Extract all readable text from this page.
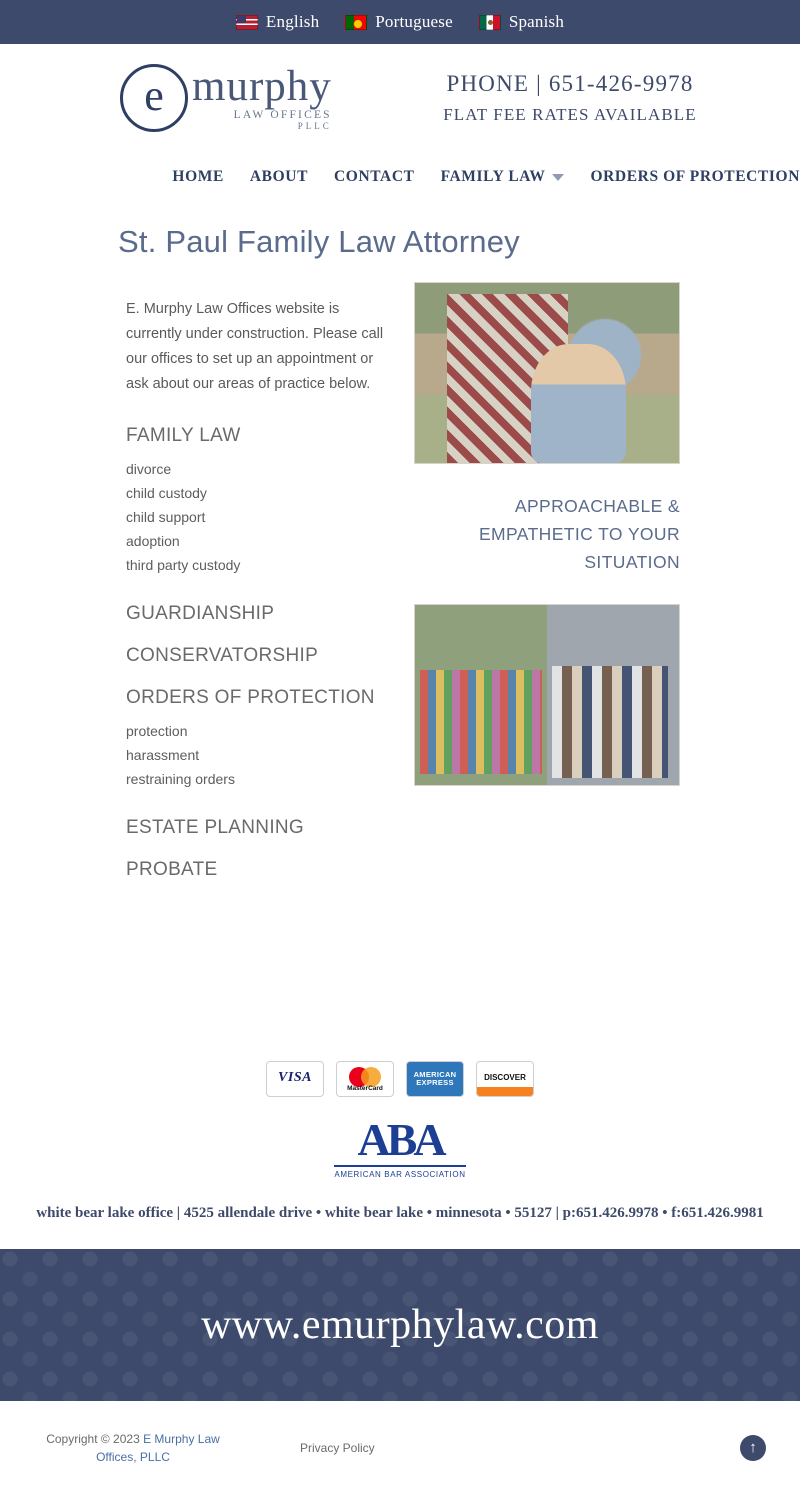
English	Portuguese	Spanish
e murphy
LAW OFFICES
PLLC
PHONE | 651-426-9978
FLAT FEE RATES AVAILABLE
HOME ABOUT CONTACT FAMILY LAW	ORDERS OF PROTECTION
St. Paul Family Law Attorney

E. Murphy Law Offices website is currently under construction. Please call our offices to set up an appointment or ask about our areas of practice below.

FAMILY LAW
divorce
child custody
child support
adoption
third party custody
GUARDIANSHIP
CONSERVATORSHIP
ORDERS OF PROTECTION
protection
harassment
restraining orders
ESTATE PLANNING
PROBATE
APPROACHABLE & EMPATHETIC TO YOUR SITUATION
VISA
MasterCard
AMERICAN EXPRESS	DISCOVER
ABA
AMERICAN BAR ASSOCIATION
white bear lake office | 4525 allendale drive • white bear lake • minnesota • 55127 | p:651.426.9978 • f:651.426.9981
www.emurphylaw.com
Copyright © 2023 E Murphy Law Offices, PLLC
Privacy Policy	↑
